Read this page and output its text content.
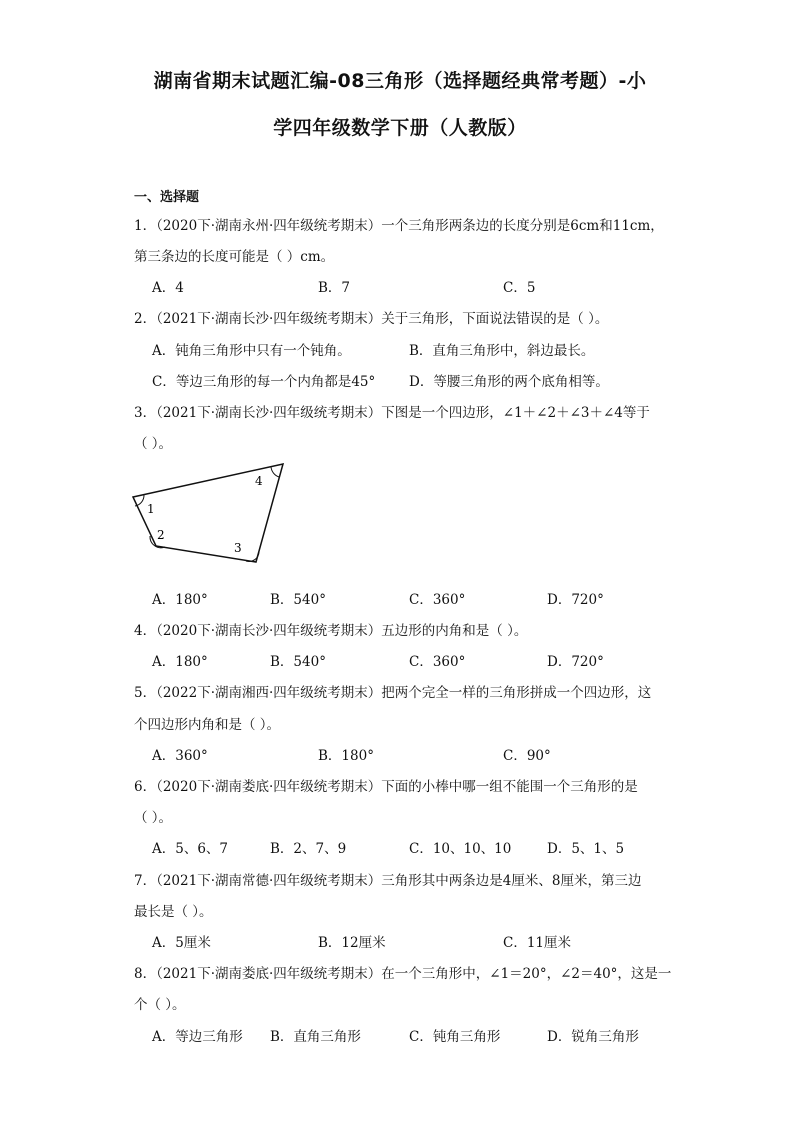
湖南省期末试题汇编-08三角形（选择题经典常考题）-小
学四年级数学下册（人教版）
一、选择题
1．（2020下·湖南永州·四年级统考期末）一个三角形两条边的长度分别是6cm和11cm，
第三条边的长度可能是（ ）cm。
A．4	B．7	C．5
2．（2021下·湖南长沙·四年级统考期末）关于三角形，下面说法错误的是（ ）。
A．钝角三角形中只有一个钝角。	B．直角三角形中，斜边最长。
C．等边三角形的每一个内角都是45° D．等腰三角形的两个底角相等。
3．（2021下·湖南长沙·四年级统考期末）下图是一个四边形，∠1＋∠2＋∠3＋∠4等于
（ ）。
1
2
3
4
A．180°	B．540°	C．360°	D．720°
4．（2020下·湖南长沙·四年级统考期末）五边形的内角和是（ ）。
A．180°	B．540°	C．360°	D．720°
5．（2022下·湖南湘西·四年级统考期末）把两个完全一样的三角形拼成一个四边形，这
个四边形内角和是（ ）。
A．360°	B．180°	C．90°
6．（2020下·湖南娄底·四年级统考期末）下面的小棒中哪一组不能围一个三角形的是
（ ）。
A．5、6、7	B．2、7、9	C．10、10、10	D．5、1、5
7．（2021下·湖南常德·四年级统考期末）三角形其中两条边是4厘米、8厘米，第三边
最长是（ ）。
A．5厘米	B．12厘米	C．11厘米
8．（2021下·湖南娄底·四年级统考期末）在一个三角形中，∠1＝20°，∠2＝40°，这是一
个（ ）。
A．等边三角形 B．直角三角形	C．钝角三角形	D．锐角三角形
